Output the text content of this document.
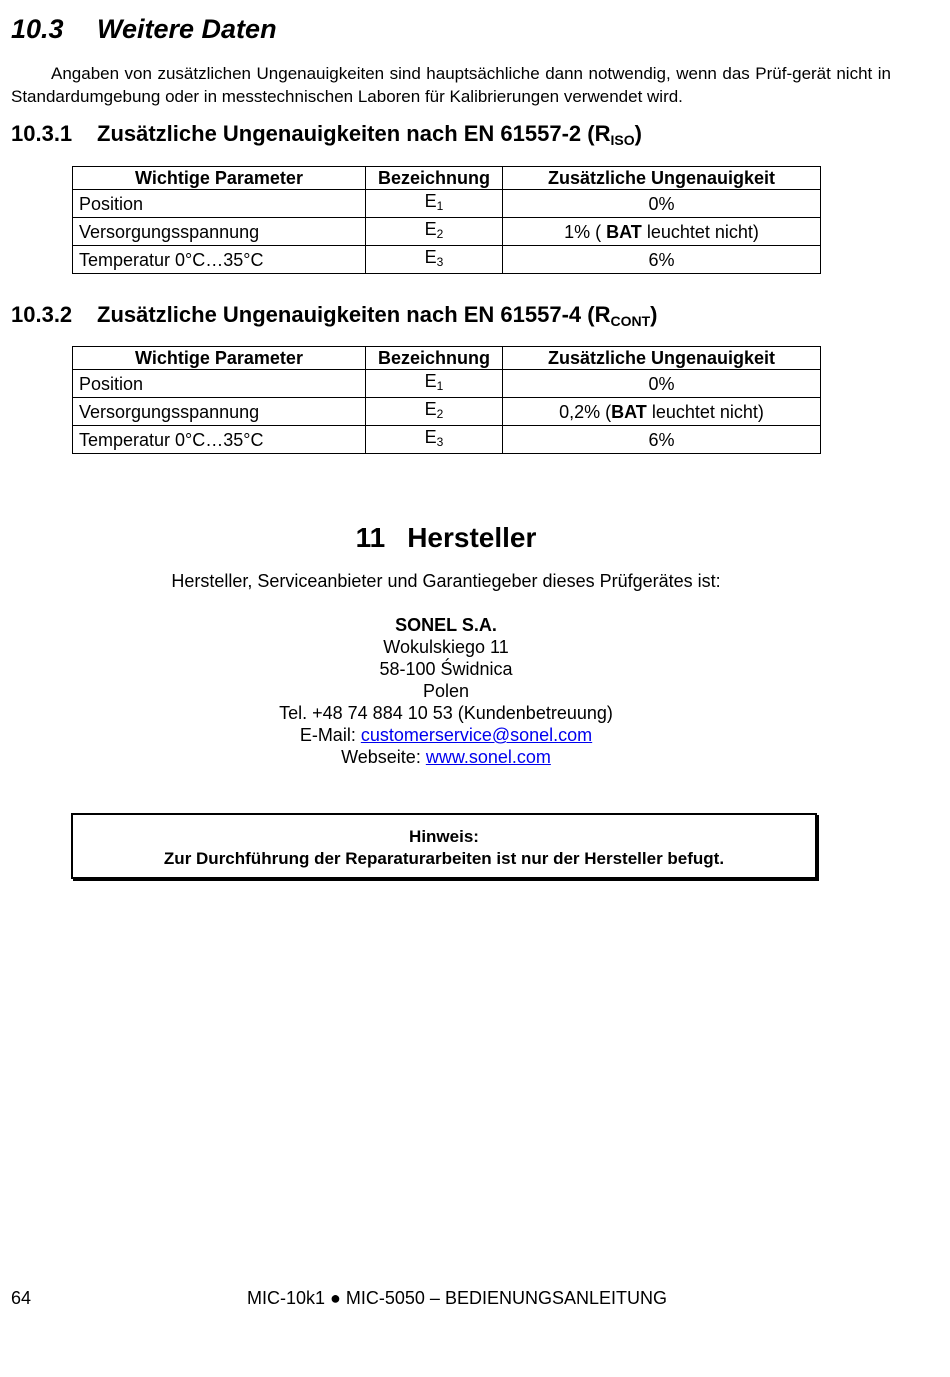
10.3 Weitere Daten
Angaben von zusätzlichen Ungenauigkeiten sind hauptsächliche dann notwendig, wenn das Prüf-gerät nicht in Standardumgebung oder in messtechnischen Laboren für Kalibrierungen verwendet wird.
10.3.1 Zusätzliche Ungenauigkeiten nach EN 61557-2 $(R_{ISO})$
Wichtige Parameter	Bezeichnung	Zusätzliche Ungenauigkeit
Position	$E_1$	0%
Versorgungsspannung	$E_2$	1% ( BAT leuchtet nicht)
Temperatur 0°C…35°C	$E_3$	6%
10.3.2 Zusätzliche Ungenauigkeiten nach EN 61557-4 $(R_{CONT})$
Wichtige Parameter	Bezeichnung	Zusätzliche Ungenauigkeit
Position	$E_1$	0%
Versorgungsspannung	$E_2$	0,2% (BAT leuchtet nicht)
Temperatur 0°C…35°C	$E_3$	6%
11 Hersteller
Hersteller, Serviceanbieter und Garantiegeber dieses Prüfgerätes ist:
SONEL S.A.
Wokulskiego 11
58-100 Świdnica
Polen
Tel. +48 74 884 10 53 (Kundenbetreuung)
E-Mail: customerservice@sonel.com
Webseite: www.sonel.com
Hinweis:
Zur Durchführung der Reparaturarbeiten ist nur der Hersteller befugt.
64	MIC-10k1 ● MIC-5050 – BEDIENUNGSANLEITUNG
